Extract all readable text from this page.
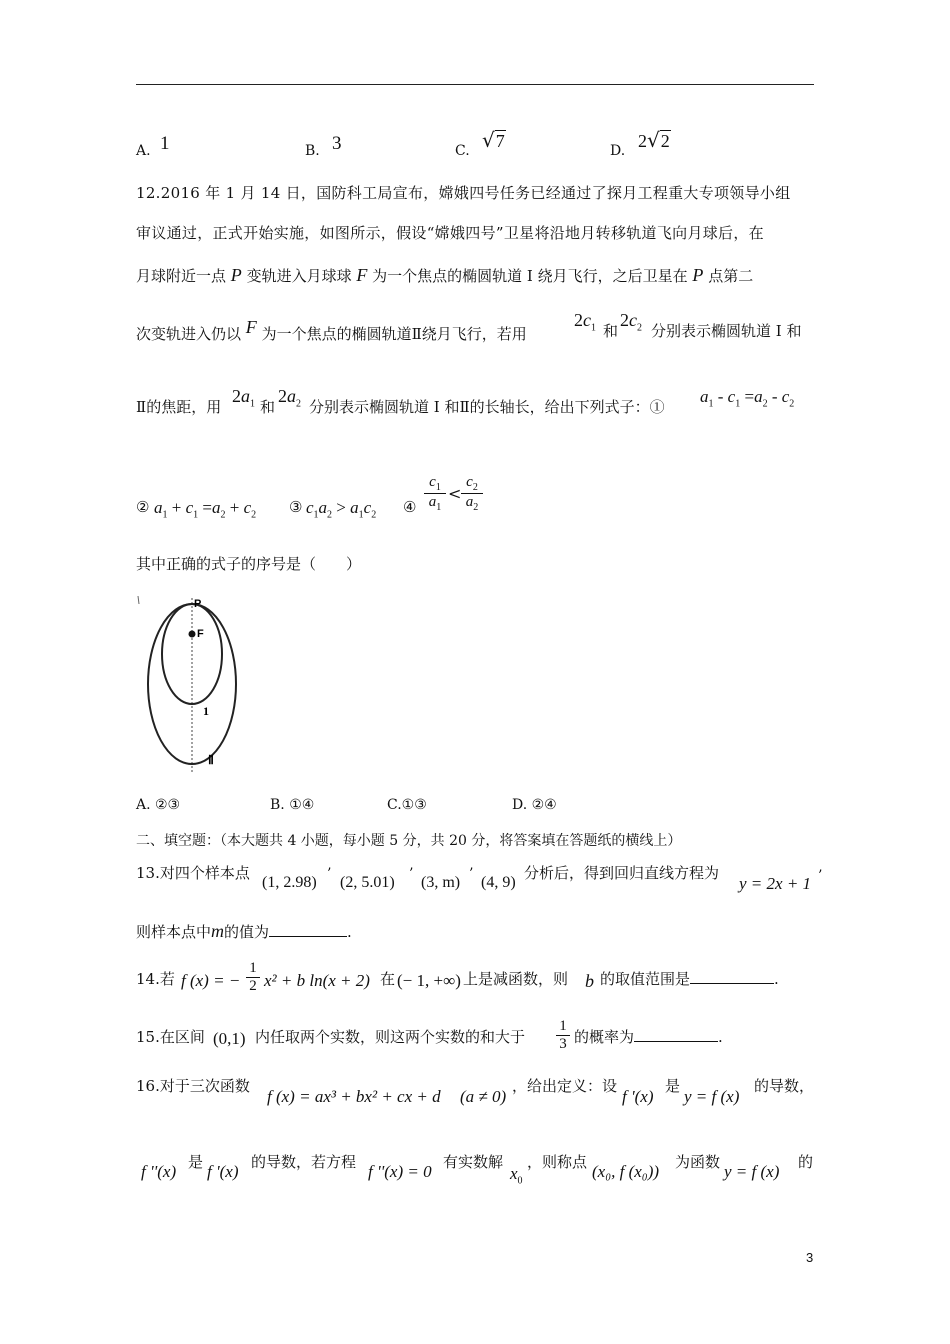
A. 1	B. 3	C. √7	D. 2√2
12.2016 年 1 月 14 日，国防科工局宣布，嫦娥四号任务已经通过了探月工程重大专项领导小组
审议通过，正式开始实施，如图所示，假设“嫦娥四号”卫星将沿地月转移轨道飞向月球后，在
月球附近一点 P 变轨进入月球球 F 为一个焦点的椭圆轨道 Ⅰ 绕月飞行，之后卫星在 P 点第二
次变轨进入仍以 F 为一个焦点的椭圆轨道Ⅱ绕月飞行，若用
$2c_1$ 和
$2c_2$ 分别表示椭圆轨道 Ⅰ 和
Ⅱ的焦距，用
$2a_1$ 和
$2a_2$ 分别表示椭圆轨道 Ⅰ 和Ⅱ的长轴长，给出下列式子：①
$a_1 - c_1 =a_2 - c_2$
② $a_1 + c_1 =a_2 + c_2$ ③ $c_1a_2 > a_1c_2$ ④ $\frac{c_1}{a_1} < \frac{c_2}{a_2}$
其中正确的式子的序号是（　　）
P
F
1
Ⅱ
A. ②③	B. ①④	C.①③	D. ②④
二、填空题：（本大题共 4 小题，每小题 5 分，共 20 分，将答案填在答题纸的横线上）
13.对四个样本点
(1, 2.98) ’ (2, 5.01) ’ (3, m) ’ (4, 9)
分析后，得到回归直线方程为
y = 2x + 1 ’
则样本点中m的值为	.
14.若 f (x) = − $\frac{1}{2} x^2 + b$ ln(x + 2) 在 (− 1, +∞) 上是减函数，则 b 的取值范围是	.
15.在区间 (0,1) 内任取两个实数，则这两个实数的和大于 $\frac{1}{3}$ 的概率为	.
16.对于三次函数
f (x) = ax³ + bx² + cx + d (a ≠ 0)
，给出定义：设
f '(x)
是
y = f (x)
的导数，
f ''(x) 是 f '(x) 的导数，若方程 f ''(x) = 0 有实数解
$x_0$
，则称点 (x₀, f (x₀)) 为函数 y = f (x) 的
3
